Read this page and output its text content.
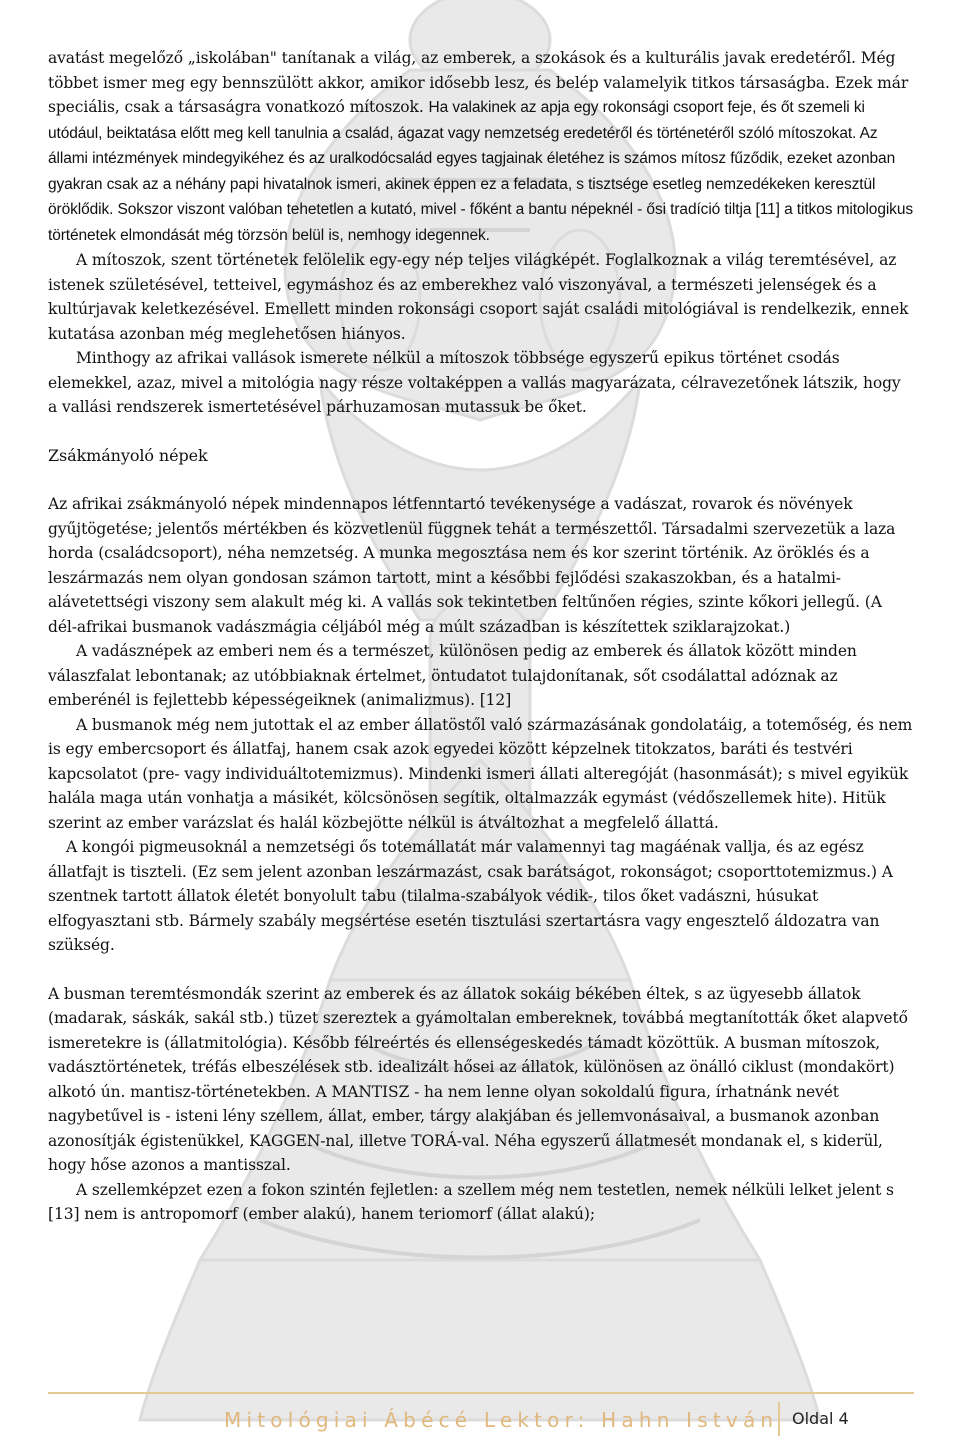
avatást megelőző „iskolában" tanítanak a világ, az emberek, a szokások és a kulturális javak eredetéről. Még többet ismer meg egy bennszülött akkor, amikor idősebb lesz, és belép valamelyik titkos társaságba. Ezek már speciális, csak a társaságra vonatkozó mítoszok. Ha valakinek az apja egy rokonsági csoport feje, és őt szemeli ki utódául, beiktatása előtt meg kell tanulnia a család, ágazat vagy nemzetség eredetéről és történetéről szóló mítoszokat. Az állami intézmények mindegyikéhez és az uralkodócsalád egyes tagjainak életéhez is számos mítosz fűződik, ezeket azonban gyakran csak az a néhány papi hivatalnok ismeri, akinek éppen ez a feladata, s tisztsége esetleg nemzedékeken keresztül öröklődik. Sokszor viszont valóban tehetetlen a kutató, mivel - főként a bantu népeknél - ősi tradíció tiltja [11] a titkos mitologikus történetek elmondását még törzsön belül is, nemhogy idegennek.

A mítoszok, szent történetek felölelik egy-egy nép teljes világképét. Foglalkoznak a világ teremtésével, az istenek születésével, tetteivel, egymáshoz és az emberekhez való viszonyával, a természeti jelenségek és a kultúrjavak keletkezésével. Emellett minden rokonsági csoport saját családi mitológiával is rendelkezik, ennek kutatása azonban még meglehetősen hiányos.

Minthogy az afrikai vallások ismerete nélkül a mítoszok többsége egyszerű epikus történet csodás elemekkel, azaz, mivel a mitológia nagy része voltaképpen a vallás magyarázata, célravezetőnek látszik, hogy a vallási rendszerek ismertetésével párhuzamosan mutassuk be őket.

Zsákmányoló népek

Az afrikai zsákmányoló népek mindennapos létfenntartó tevékenysége a vadászat, rovarok és növények gyűjtögetése; jelentős mértékben és közvetlenül függnek tehát a természettől. Társadalmi szervezetük a laza horda (családcsoport), néha nemzetség. A munka megosztása nem és kor szerint történik. Az öröklés és a leszármazás nem olyan gondosan számon tartott, mint a későbbi fejlődési szakaszokban, és a hatalmi-alávetettségi viszony sem alakult még ki. A vallás sok tekintetben feltűnően régies, szinte kőkori jellegű. (A dél-afrikai busmanok vadászmágia céljából még a múlt században is készítettek sziklarajzokat.)

A vadásznépek az emberi nem és a természet, különösen pedig az emberek és állatok között minden válaszfalat lebontanak; az utóbbiaknak értelmet, öntudatot tulajdonítanak, sőt csodálattal adóznak az emberénél is fejlettebb képességeiknek (animalizmus). [12]

A busmanok még nem jutottak el az ember állatöstől való származásának gondolatáig, a totemőség, és nem is egy embercsoport és állatfaj, hanem csak azok egyedei között képzelnek titokzatos, baráti és testvéri kapcsolatot (pre- vagy individuáltotemizmus). Mindenki ismeri állati alteregóját (hasonmását); s mivel egyikük halála maga után vonhatja a másikét, kölcsönösen segítik, oltalmazzák egymást (védőszellemek hite). Hitük szerint az ember varázslat és halál közbejötte nélkül is átváltozhat a megfelelő állattá.

A kongói pigmeusoknál a nemzetségi ős totemállatát már valamennyi tag magáénak vallja, és az egész állatfajt is tiszteli. (Ez sem jelent azonban leszármazást, csak barátságot, rokonságot; csoporttotemizmus.) A szentnek tartott állatok életét bonyolult tabu (tilalma-szabályok védik-, tilos őket vadászni, húsukat elfogyasztani stb. Bármely szabály megsértése esetén tisztulási szertartásra vagy engesztelő áldozatra van szükség.

A busman teremtésmondák szerint az emberek és az állatok sokáig békében éltek, s az ügyesebb állatok (madarak, sáskák, sakál stb.) tüzet szereztek a gyámoltalan embereknek, továbbá megtanították őket alapvető ismeretekre is (állatmitológia). Később félreértés és ellenségeskedés támadt közöttük. A busman mítoszok, vadásztörténetek, tréfás elbeszélések stb. idealizált hősei az állatok, különösen az önálló ciklust (mondakört) alkotó ún. mantisz-történetekben. A MANTISZ - ha nem lenne olyan sokoldalú figura, írhatnánk nevét nagybetűvel is - isteni lény szellem, állat, ember, tárgy alakjában és jellemvonásaival, a busmanok azonban azonosítják égistenükkel, KAGGEN-nal, illetve TORÁ-val. Néha egyszerű állatmesét mondanak el, s kiderül, hogy hőse azonos a mantisszal.

A szellemképzet ezen a fokon szintén fejletlen: a szellem még nem testetlen, nemek nélküli lelket jelent s [13] nem is antropomorf (ember alakú), hanem teriomorf (állat alakú);

Mitológiai Ábécé Lektor: Hahn István Oldal 4
